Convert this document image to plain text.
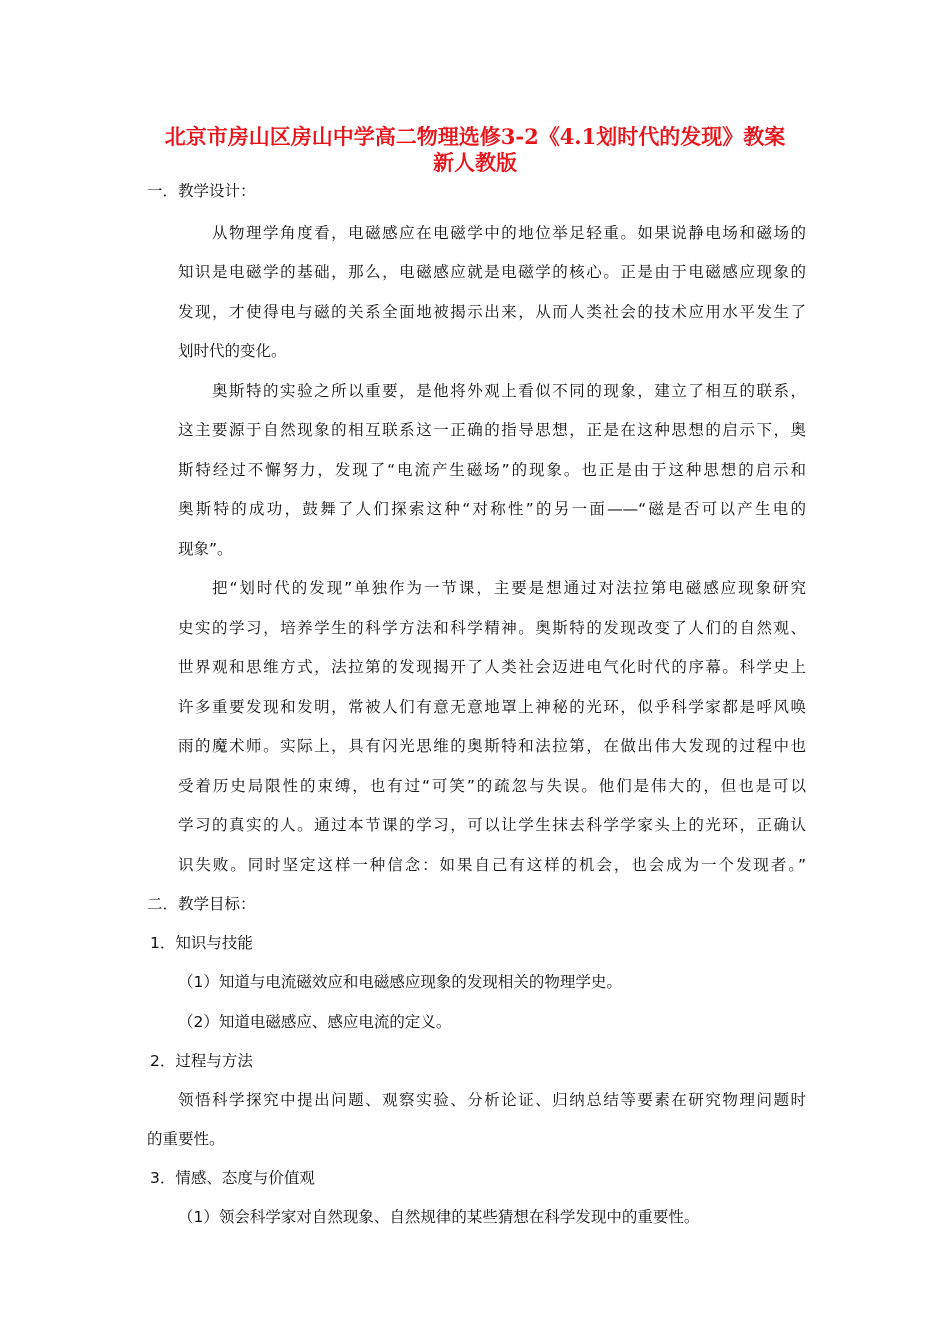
北京市房山区房山中学高二物理选修3-2《4.1划时代的发现》教案
新人教版
一．教学设计：
从物理学角度看，电磁感应在电磁学中的地位举足轻重。如果说静电场和磁场的
知识是电磁学的基础，那么，电磁感应就是电磁学的核心。正是由于电磁感应现象的
发现，才使得电与磁的关系全面地被揭示出来，从而人类社会的技术应用水平发生了
划时代的变化。
奥斯特的实验之所以重要，是他将外观上看似不同的现象，建立了相互的联系，
这主要源于自然现象的相互联系这一正确的指导思想，正是在这种思想的启示下，奥
斯特经过不懈努力，发现了“电流产生磁场”的现象。也正是由于这种思想的启示和
奥斯特的成功，鼓舞了人们探索这种“对称性”的另一面——“磁是否可以产生电的
现象”。
把“划时代的发现”单独作为一节课，主要是想通过对法拉第电磁感应现象研究
史实的学习，培养学生的科学方法和科学精神。奥斯特的发现改变了人们的自然观、
世界观和思维方式，法拉第的发现揭开了人类社会迈进电气化时代的序幕。科学史上
许多重要发现和发明，常被人们有意无意地罩上神秘的光环，似乎科学家都是呼风唤
雨的魔术师。实际上，具有闪光思维的奥斯特和法拉第，在做出伟大发现的过程中也
受着历史局限性的束缚，也有过“可笑”的疏忽与失误。他们是伟大的，但也是可以
学习的真实的人。通过本节课的学习，可以让学生抹去科学学家头上的光环，正确认
识失败。同时坚定这样一种信念：如果自己有这样的机会，也会成为一个发现者。”
二．教学目标：
1．知识与技能
（1）知道与电流磁效应和电磁感应现象的发现相关的物理学史。
（2）知道电磁感应、感应电流的定义。
2．过程与方法
领悟科学探究中提出问题、观察实验、分析论证、归纳总结等要素在研究物理问题时
的重要性。
3．情感、态度与价值观
（1）领会科学家对自然现象、自然规律的某些猜想在科学发现中的重要性。
